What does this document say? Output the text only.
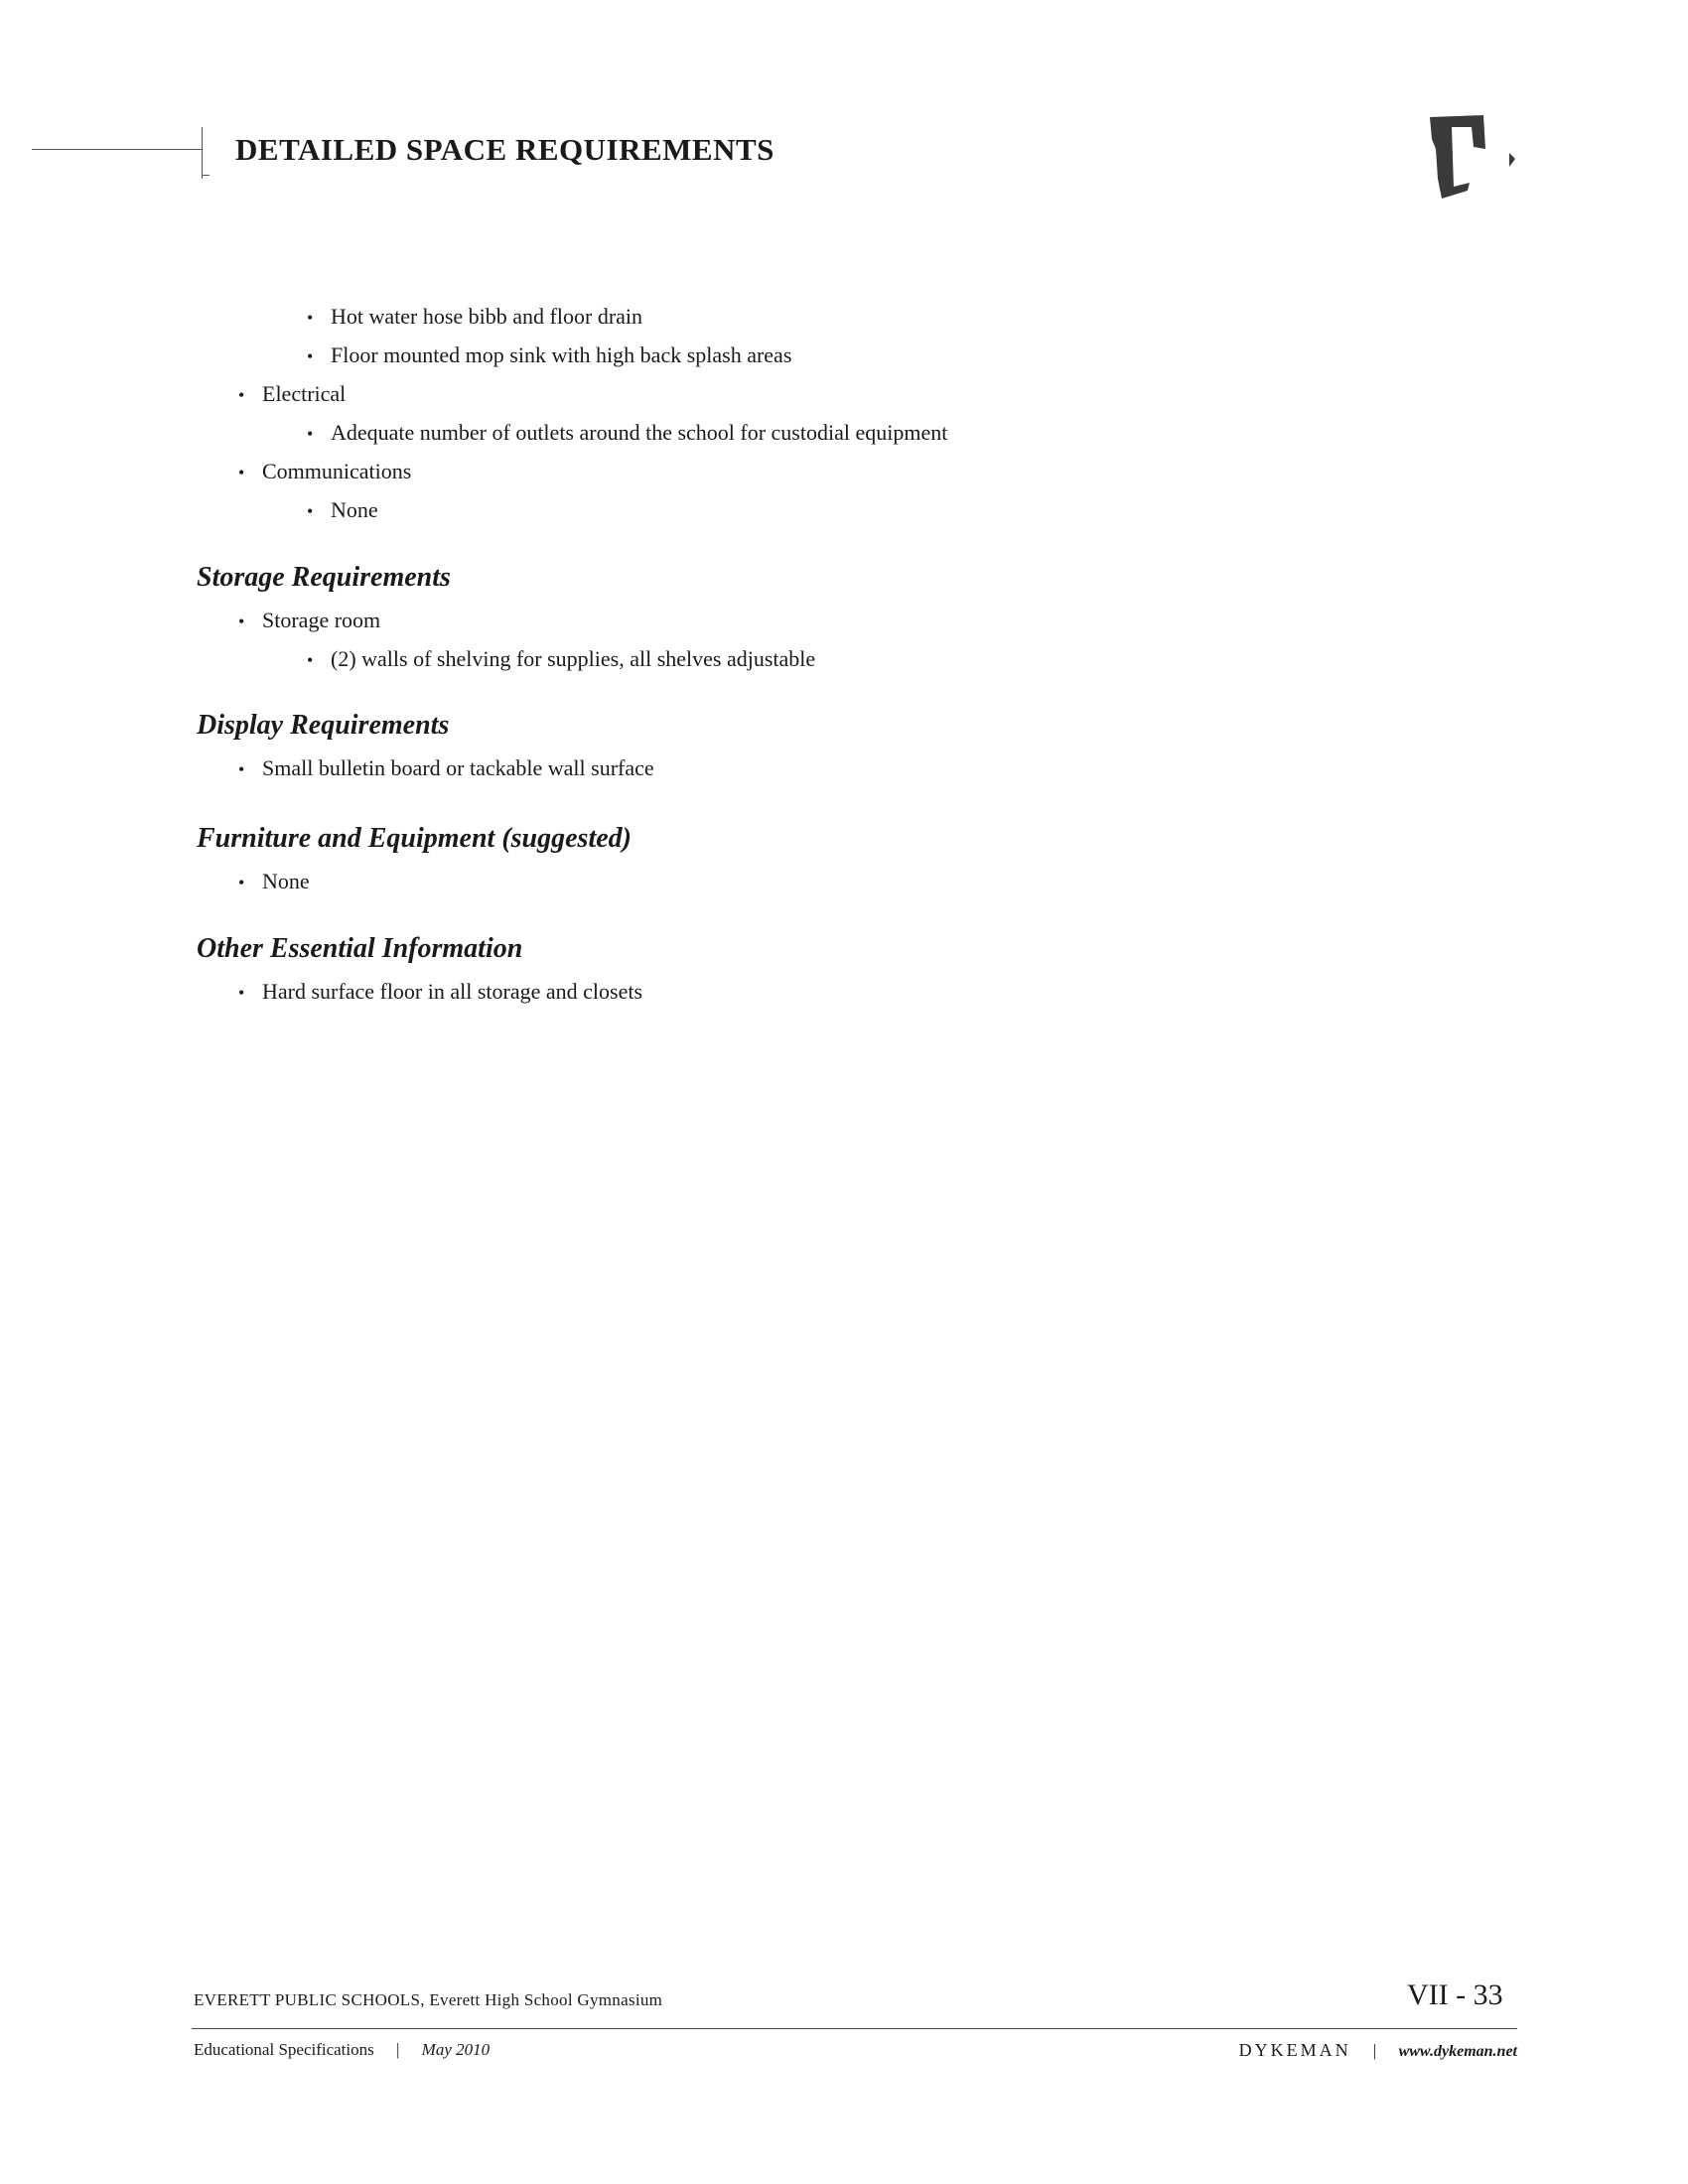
DETAILED SPACE REQUIREMENTS
• Hot water hose bibb and floor drain
• Floor mounted mop sink with high back splash areas
• Electrical
• Adequate number of outlets around the school for custodial equipment
• Communications
• None
Storage Requirements
• Storage room
• (2) walls of shelving for supplies, all shelves adjustable
Display Requirements
• Small bulletin board or tackable wall surface
Furniture and Equipment (suggested)
• None
Other Essential Information
• Hard surface floor in all storage and closets
EVERETT PUBLIC SCHOOLS, Everett High School Gymnasium	VII - 33
Educational Specifications | May 2010	DYKEMAN | www.dykeman.net
